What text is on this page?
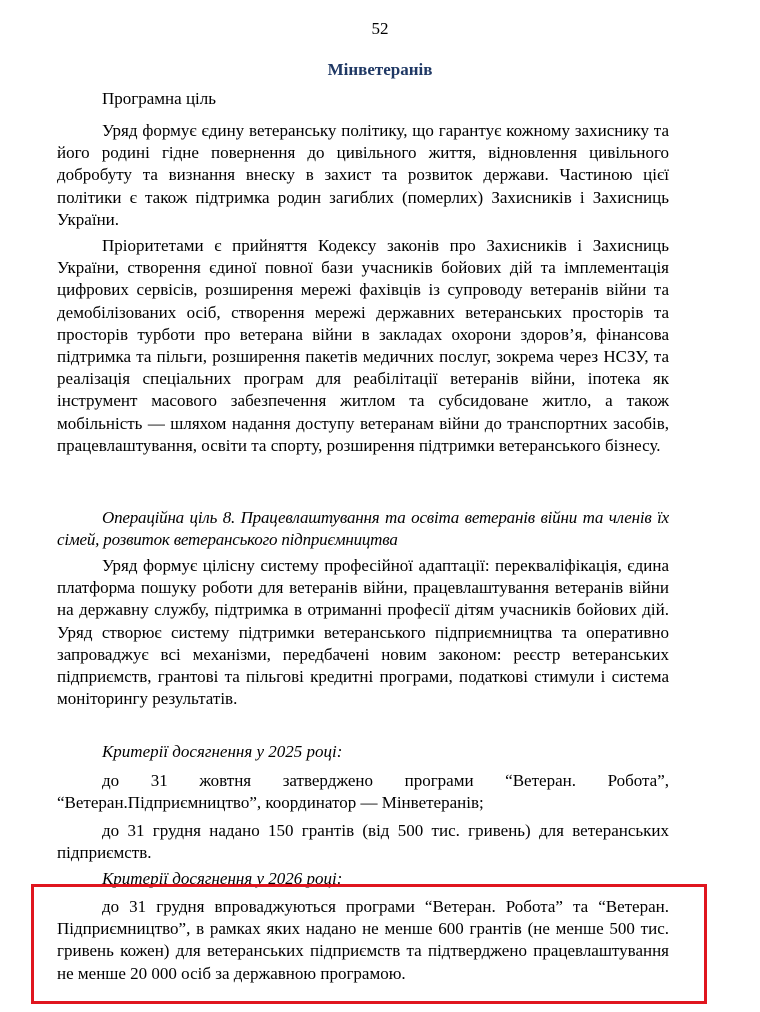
52
Мінветеранів

Програмна ціль

Уряд формує єдину ветеранську політику, що гарантує кожному захиснику та його родині гідне повернення до цивільного життя, відновлення цивільного добробуту та визнання внеску в захист та розвиток держави. Частиною цієї політики є також підтримка родин загиблих (померлих) Захисників і Захисниць України.

Пріоритетами є прийняття Кодексу законів про Захисників і Захисниць України, створення єдиної повної бази учасників бойових дій та імплементація цифрових сервісів, розширення мережі фахівців із супроводу ветеранів війни та демобілізованих осіб, створення мережі державних ветеранських просторів та просторів турботи про ветерана війни в закладах охорони здоров’я, фінансова підтримка та пільги, розширення пакетів медичних послуг, зокрема через НСЗУ, та реалізація спеціальних програм для реабілітації ветеранів війни, іпотека як інструмент масового забезпечення житлом та субсидоване житло, а також мобільність — шляхом надання доступу ветеранам війни до транспортних засобів, працевлаштування, освіти та спорту, розширення підтримки ветеранського бізнесу.

Операційна ціль 8. Працевлаштування та освіта ветеранів війни та членів їх сімей, розвиток ветеранського підприємництва

Уряд формує цілісну систему професійної адаптації: перекваліфікація, єдина платформа пошуку роботи для ветеранів війни, працевлаштування ветеранів війни на державну службу, підтримка в отриманні професії дітям учасників бойових дій. Уряд створює систему підтримки ветеранського підприємництва та оперативно запроваджує всі механізми, передбачені новим законом: реєстр ветеранських підприємств, грантові та пільгові кредитні програми, податкові стимули і система моніторингу результатів.

Критерії досягнення у 2025 році:

до 31 жовтня затверджено програми “Ветеран. Робота”, “Ветеран.Підприємництво”, координатор — Мінветеранів;

до 31 грудня надано 150 грантів (від 500 тис. гривень) для ветеранських підприємств.

Критерії досягнення у 2026 році:

до 31 грудня впроваджуються програми “Ветеран. Робота” та “Ветеран. Підприємництво”, в рамках яких надано не менше 600 грантів (не менше 500 тис. гривень кожен) для ветеранських підприємств та підтверджено працевлаштування не менше 20 000 осіб за державною програмою.
